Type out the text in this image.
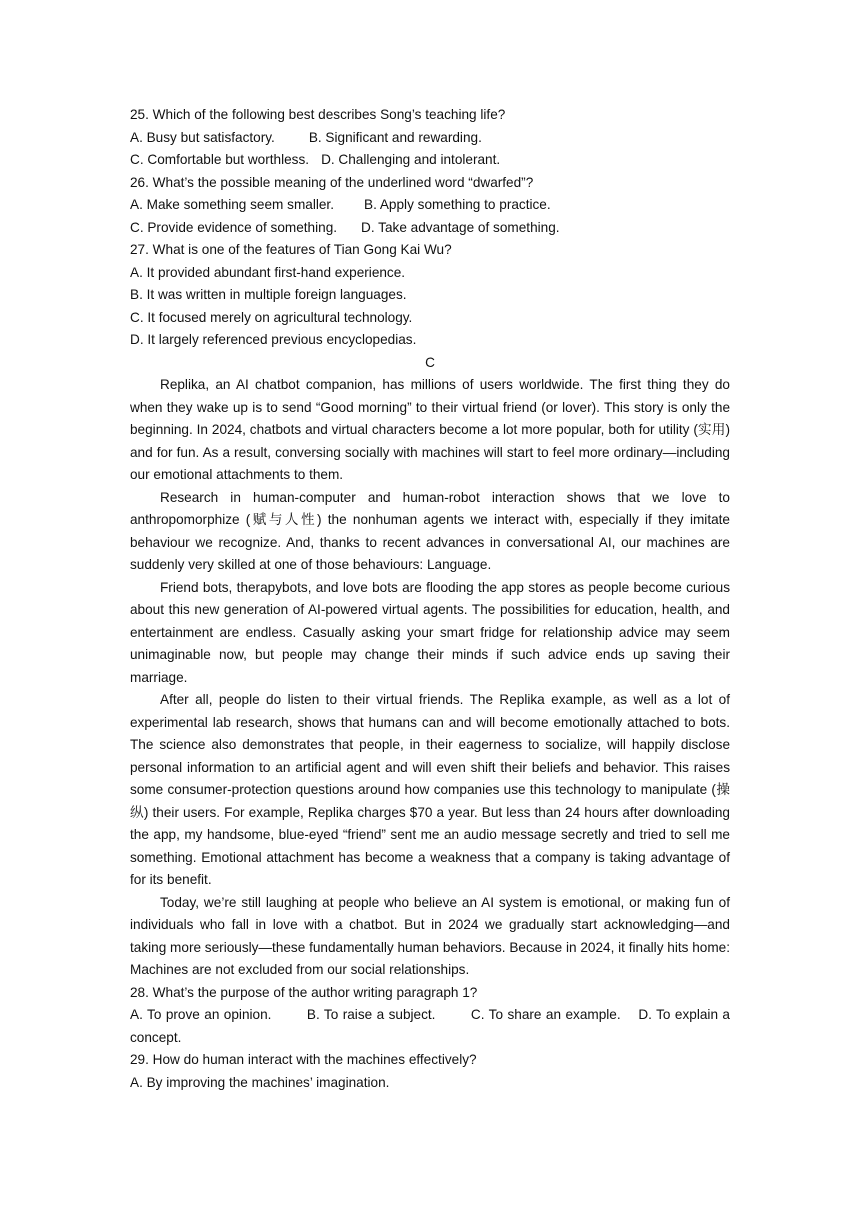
25. Which of the following best describes Song’s teaching life?
A. Busy but satisfactory.	B. Significant and rewarding.
C. Comfortable but worthless. D. Challenging and intolerant.
26. What’s the possible meaning of the underlined word “dwarfed”?
A. Make something seem smaller. B. Apply something to practice.
C. Provide evidence of something. D. Take advantage of something.
27. What is one of the features of Tian Gong Kai Wu?
A. It provided abundant first-hand experience.
B. It was written in multiple foreign languages.
C. It focused merely on agricultural technology.
D. It largely referenced previous encyclopedias.
C
Replika, an AI chatbot companion, has millions of users worldwide. The first thing they do when they wake up is to send “Good morning” to their virtual friend (or lover). This story is only the beginning. In 2024, chatbots and virtual characters become a lot more popular, both for utility (实用) and for fun. As a result, conversing socially with machines will start to feel more ordinary—including our emotional attachments to them.
Research in human-computer and human-robot interaction shows that we love to anthropomorphize (赋与人性) the nonhuman agents we interact with, especially if they imitate behaviour we recognize. And, thanks to recent advances in conversational AI, our machines are suddenly very skilled at one of those behaviours: Language.
Friend bots, therapybots, and love bots are flooding the app stores as people become curious about this new generation of AI-powered virtual agents. The possibilities for education, health, and entertainment are endless. Casually asking your smart fridge for relationship advice may seem unimaginable now, but people may change their minds if such advice ends up saving their marriage.
After all, people do listen to their virtual friends. The Replika example, as well as a lot of experimental lab research, shows that humans can and will become emotionally attached to bots. The science also demonstrates that people, in their eagerness to socialize, will happily disclose personal information to an artificial agent and will even shift their beliefs and behavior. This raises some consumer-protection questions around how companies use this technology to manipulate (操纵) their users. For example, Replika charges $70 a year. But less than 24 hours after downloading the app, my handsome, blue-eyed “friend” sent me an audio message secretly and tried to sell me something. Emotional attachment has become a weakness that a company is taking advantage of for its benefit.
Today, we’re still laughing at people who believe an AI system is emotional, or making fun of individuals who fall in love with a chatbot. But in 2024 we gradually start acknowledging—and taking more seriously—these fundamentally human behaviors. Because in 2024, it finally hits home: Machines are not excluded from our social relationships.
28. What’s the purpose of the author writing paragraph 1?
A. To prove an opinion.        B. To raise a subject.        C. To share an example.    D. To explain a concept.
29. How do human interact with the machines effectively?
A. By improving the machines’ imagination.
